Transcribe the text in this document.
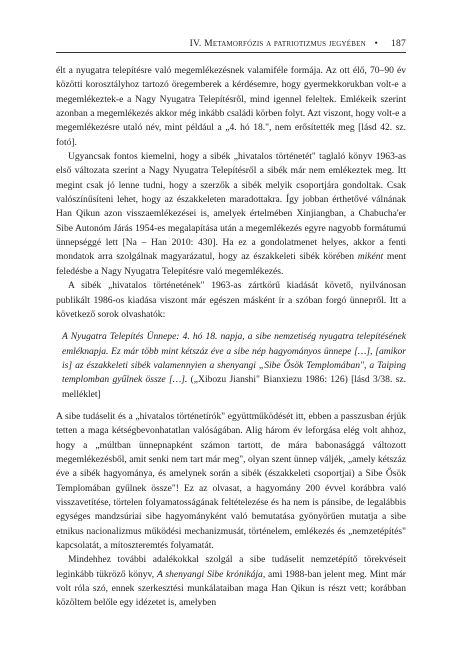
IV. Metamorfózis a patriotizmus jegyében • 187

élt a nyugatra telepítésre való megemlékezésnek valamiféle formája. Az ott élő, 70–90 év közötti korosztályhoz tartozó öregemberek a kérdésemre, hogy gyermekkorukban volt-e a megemlékeztek-e a Nagy Nyugatra Telepítésről, mind igennel feleltek. Emlékeik szerint azonban a megemlékezés akkor még inkább családi körben folyt. Azt viszont, hogy volt-e a megemlékezésre utaló név, mint például a „4. hó 18.", nem erősítették meg [lásd 42. sz. fotó].

Ugyancsak fontos kiemelni, hogy a sibék „hivatalos történetét" taglaló könyv 1963-as első változata szerint a Nagy Nyugatra Telepítésről a sibék már nem emlékeztek meg. Itt megint csak jó lenne tudni, hogy a szerzők a sibék melyik csoportjára gondoltak. Csak valószínűsíteni lehet, hogy az északkeleten maradottakra. Így jobban érthetővé válnának Han Qikun azon visszaemlékezései is, amelyek értelmében Xinjiangban, a Chabucha'er Sibe Autonóm Járás 1954-es megalapítása után a megemlékezés egyre nagyobb formátumú ünnepséggé lett [Na – Han 2010: 430]. Ha ez a gondolatmenet helyes, akkor a fenti mondatok arra szolgálnak magyarázatul, hogy az északkeleti sibék körében miként ment feledésbe a Nagy Nyugatra Telepítésre való megemlékezés.

A sibék „hivatalos történetének" 1963-as zártkörű kiadását követő, nyilvánosan publikált 1986-os kiadása viszont már egészen másként ír a szóban forgó ünnepről. Itt a következő sorok olvashatók:

A Nyugatra Telepítés Ünnepe: 4. hó 18. napja, a sibe nemzetiség nyugatra telepítésének emléknapja. Ez már több mint kétszáz éve a sibe nép hagyományos ünnepe […], [amikor is] az északkeleti sibék valamennyien a shenyangi „Sibe Ősök Templomában", a Taiping templomban gyűlnek össze […]. („Xibozu Jianshi" Bianxiezu 1986: 126) [lásd 3/38. sz. melléklet]

A sibe tudáselit és a „hivatalos történetírók" együttműködését itt, ebben a passzusban érjük tetten a maga kétségbevonhatatlan valóságában. Alig három év leforgása elég volt ahhoz, hogy a „múltban ünnepnapként számon tartott, de mára babonasággá változott megemlékezésből, amit senki nem tart már meg", olyan szent ünnep váljék, „amely kétszáz éve a sibék hagyománya, és amelynek során a sibék (északkeleti csoportjai) a Sibe Ősök Templomában gyűlnek össze"! Ez az olvasat, a hagyomány 200 évvel korábbra való visszavetítése, törtelen folyamatosságának feltételezése és ha nem is pánsibe, de legalábbis egységes mandzsúriai sibe hagyományként való bemutatása gyönyörűen mutatja a sibe etnikus nacionalizmus működési mechanizmusát, történelem, emlékezés és „nemzetépítés" kapcsolatát, a mítoszteremtés folyamatát.

Mindehhez további adalékokkal szolgál a sibe tudáselit nemzetépítő törekvéseit leginkább tükröző könyv, A shenyangi Sibe krónikája, ami 1988-ban jelent meg. Mint már volt róla szó, ennek szerkesztési munkálataiban maga Han Qikun is részt vett; korábban közöltem belőle egy idézetet is, amelyben
